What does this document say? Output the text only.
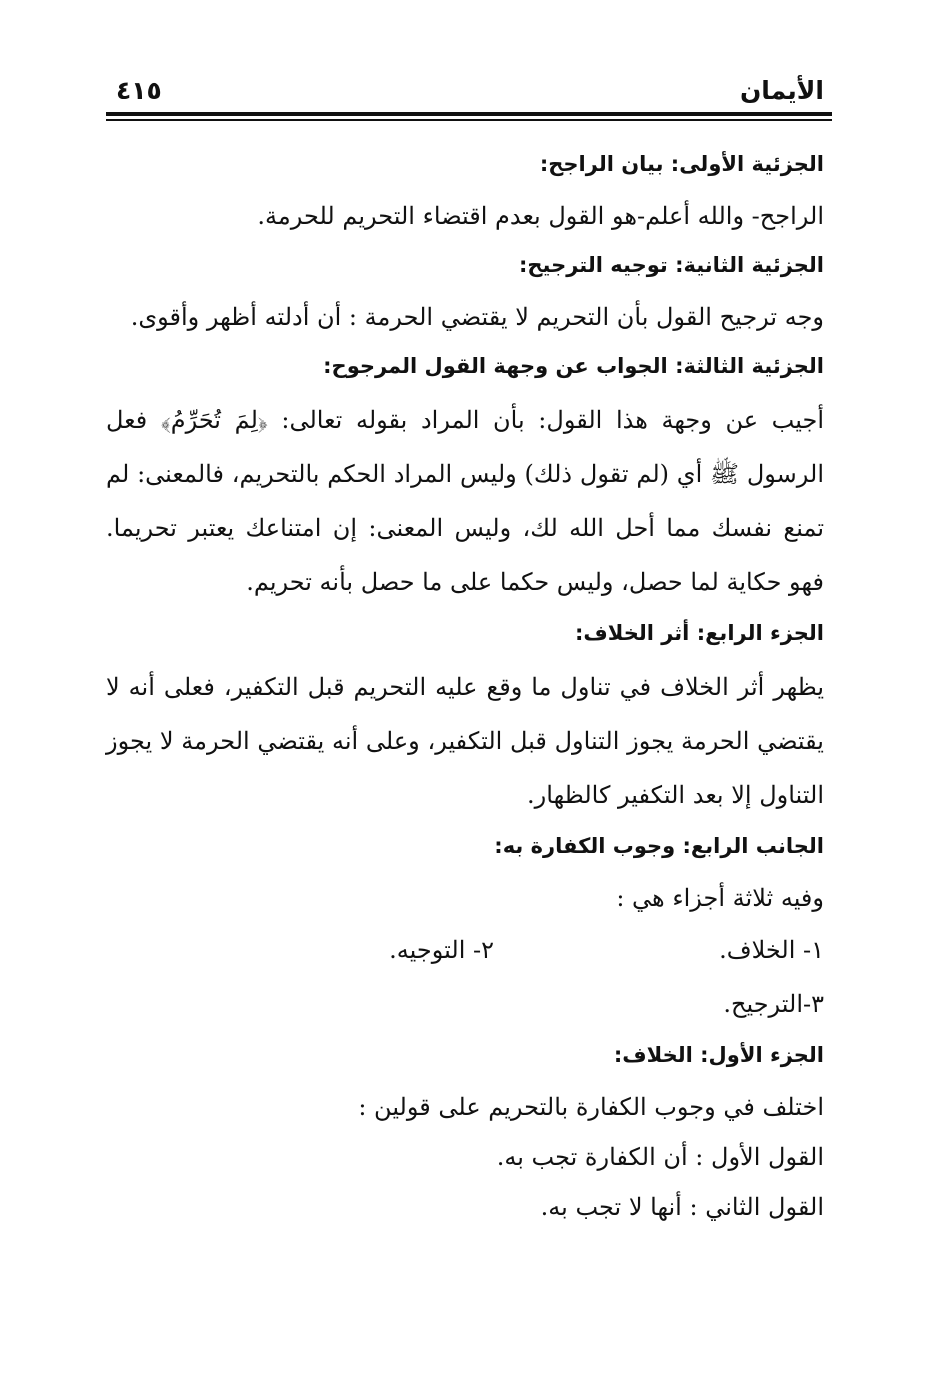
الأيمان
٤١٥
الجزئية الأولى: بيان الراجح:

الراجح- والله أعلم-هو القول بعدم اقتضاء التحريم للحرمة.

الجزئية الثانية: توجيه الترجيح:

وجه ترجيح القول بأن التحريم لا يقتضي الحرمة : أن أدلته أظهر وأقوى.

الجزئية الثالثة: الجواب عن وجهة القول المرجوح:

أجيب عن وجهة هذا القول: بأن المراد بقوله تعالى: ﴿لِمَ تُحَرِّمُ﴾ فعل الرسول ﷺ أي (لم تقول ذلك) وليس المراد الحكم بالتحريم، فالمعنى: لم تمنع نفسك مما أحل الله لك، وليس المعنى: إن امتناعك يعتبر تحريما. فهو حكاية لما حصل، وليس حكما على ما حصل بأنه تحريم.

الجزء الرابع: أثر الخلاف:

يظهر أثر الخلاف في تناول ما وقع عليه التحريم قبل التكفير، فعلى أنه لا يقتضي الحرمة يجوز التناول قبل التكفير، وعلى أنه يقتضي الحرمة لا يجوز التناول إلا بعد التكفير كالظهار.

الجانب الرابع: وجوب الكفارة به:

وفيه ثلاثة أجزاء هي :

١- الخلاف.
٢- التوجيه.
٣-الترجيح.
الجزء الأول: الخلاف:

اختلف في وجوب الكفارة بالتحريم على قولين :

القول الأول : أن الكفارة تجب به.

القول الثاني : أنها لا تجب به.
